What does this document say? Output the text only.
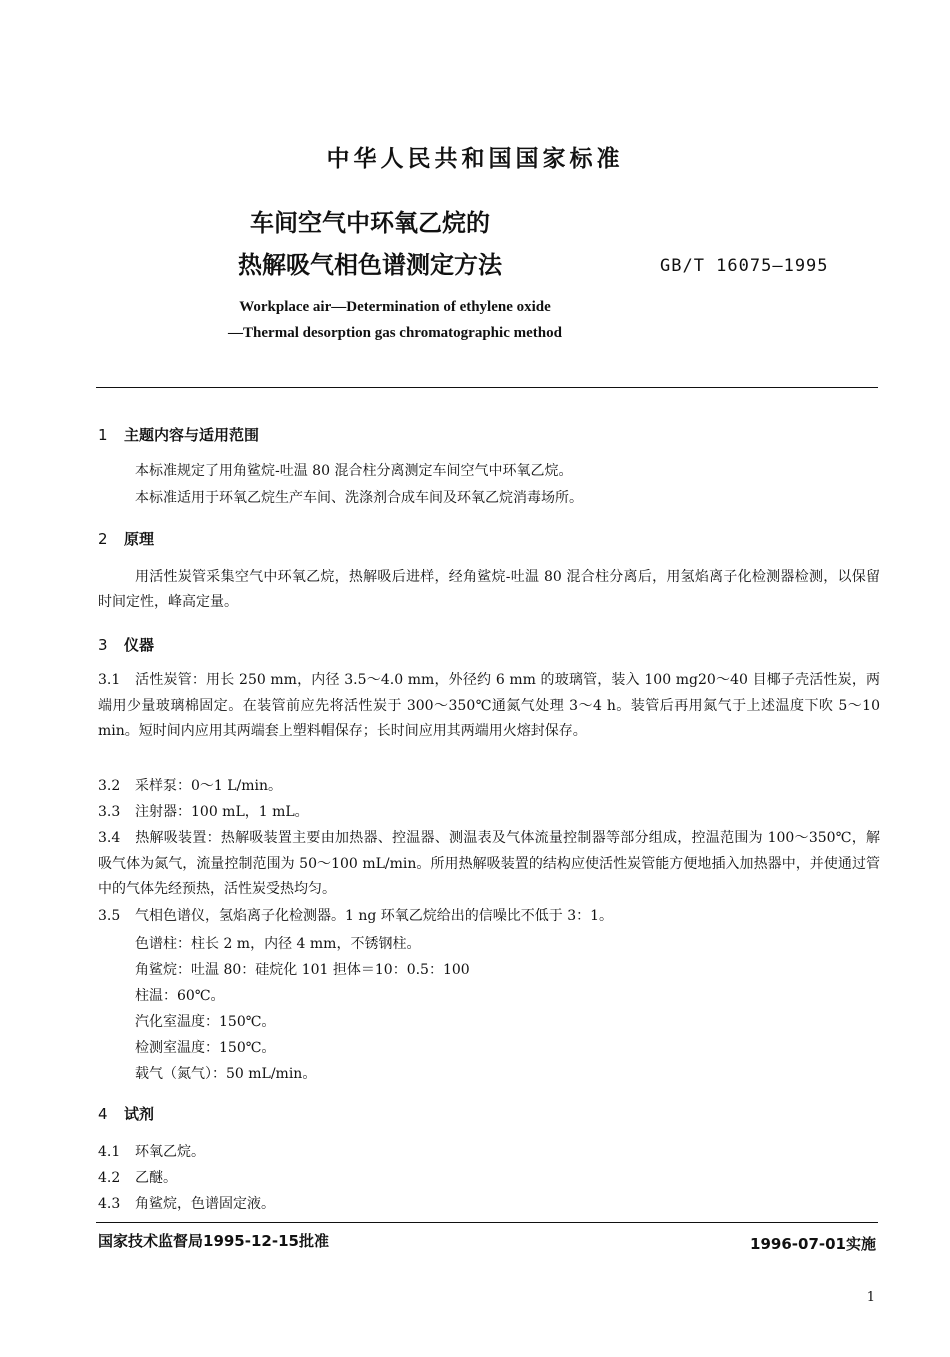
中华人民共和国国家标准
车间空气中环氧乙烷的
热解吸气相色谱测定方法	GB/T 16075—1995
Workplace air—Determination of ethylene oxide
—Thermal desorption gas chromatographic method
1 主题内容与适用范围

本标准规定了用角鲨烷-吐温 80 混合柱分离测定车间空气中环氧乙烷。

本标准适用于环氧乙烷生产车间、洗涤剂合成车间及环氧乙烷消毒场所。

2 原理

用活性炭管采集空气中环氧乙烷，热解吸后进样，经角鲨烷-吐温 80 混合柱分离后，用氢焰离子化检测器检测，以保留时间定性，峰高定量。

3 仪器

3.1 活性炭管：用长 250 mm，内径 3.5～4.0 mm，外径约 6 mm 的玻璃管，装入 100 mg20～40 目椰子壳活性炭，两端用少量玻璃棉固定。在装管前应先将活性炭于 300～350℃通氮气处理 3～4 h。装管后再用氮气于上述温度下吹 5～10 min。短时间内应用其两端套上塑料帽保存；长时间应用其两端用火熔封保存。

3.2 采样泵：0～1 L/min。

3.3 注射器：100 mL，1 mL。

3.4 热解吸装置：热解吸装置主要由加热器、控温器、测温表及气体流量控制器等部分组成，控温范围为 100～350℃，解吸气体为氮气，流量控制范围为 50～100 mL/min。所用热解吸装置的结构应使活性炭管能方便地插入加热器中，并使通过管中的气体先经预热，活性炭受热均匀。

3.5 气相色谱仪，氢焰离子化检测器。1 ng 环氧乙烷给出的信噪比不低于 3：1。

色谱柱：柱长 2 m，内径 4 mm，不锈钢柱。
角鲨烷：吐温 80：硅烷化 101 担体＝10：0.5：100
柱温：60℃。
汽化室温度：150℃。
检测室温度：150℃。
载气（氮气）：50 mL/min。
4 试剂

4.1 环氧乙烷。

4.2 乙醚。

4.3 角鲨烷，色谱固定液。

国家技术监督局1995-12-15批准	1996-07-01实施
1
